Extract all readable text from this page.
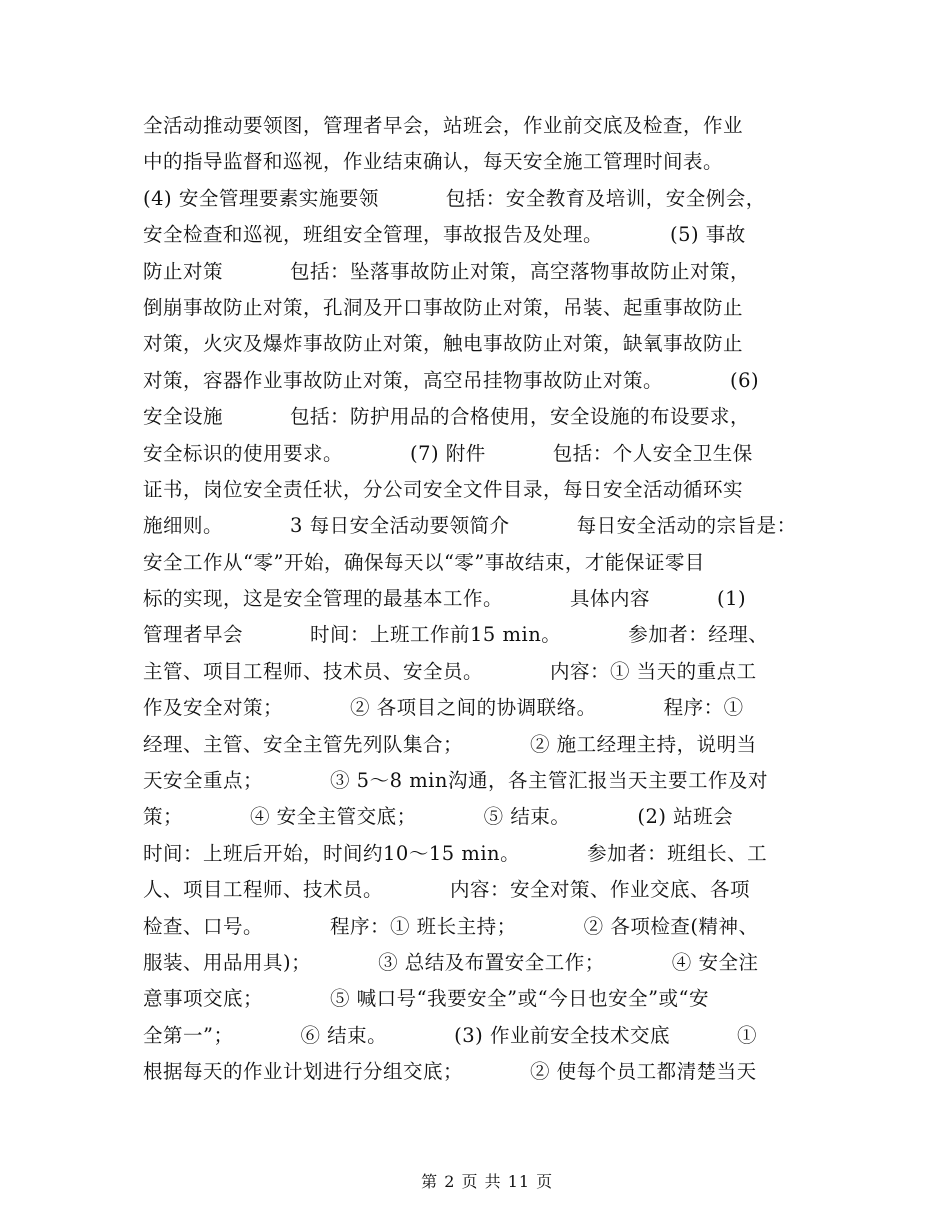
全活动推动要领图，管理者早会，站班会，作业前交底及检查，作业
中的指导监督和巡视，作业结束确认，每天安全施工管理时间表。
(4) 安全管理要素实施要领          包括：安全教育及培训，安全例会，
安全检查和巡视，班组安全管理，事故报告及处理。          (5) 事故
防止对策          包括：坠落事故防止对策，高空落物事故防止对策，
倒崩事故防止对策，孔洞及开口事故防止对策，吊装、起重事故防止
对策，火灾及爆炸事故防止对策，触电事故防止对策，缺氧事故防止
对策，容器作业事故防止对策，高空吊挂物事故防止对策。          (6)
安全设施          包括：防护用品的合格使用，安全设施的布设要求，
安全标识的使用要求。          (7) 附件          包括：个人安全卫生保
证书，岗位安全责任状，分公司安全文件目录，每日安全活动循环实
施细则。          3 每日安全活动要领简介          每日安全活动的宗旨是：
安全工作从“零”开始，确保每天以“零”事故结束，才能保证零目
标的实现，这是安全管理的最基本工作。          具体内容          (1)
管理者早会          时间：上班工作前15 min。          参加者：经理、
主管、项目工程师、技术员、安全员。          内容：① 当天的重点工
作及安全对策；          ② 各项目之间的协调联络。          程序：①
经理、主管、安全主管先列队集合；          ② 施工经理主持，说明当
天安全重点；          ③ 5～8 min沟通，各主管汇报当天主要工作及对
策；          ④ 安全主管交底；          ⑤ 结束。          (2) 站班会
时间：上班后开始，时间约10～15 min。          参加者：班组长、工
人、项目工程师、技术员。          内容：安全对策、作业交底、各项
检查、口号。          程序：① 班长主持；          ② 各项检查(精神、
服装、用品用具)；          ③ 总结及布置安全工作；          ④ 安全注
意事项交底；          ⑤ 喊口号“我要安全”或“今日也安全”或“安
全第一”；          ⑥ 结束。          (3) 作业前安全技术交底          ①
根据每天的作业计划进行分组交底；          ② 使每个员工都清楚当天

第 2 页 共 11 页
